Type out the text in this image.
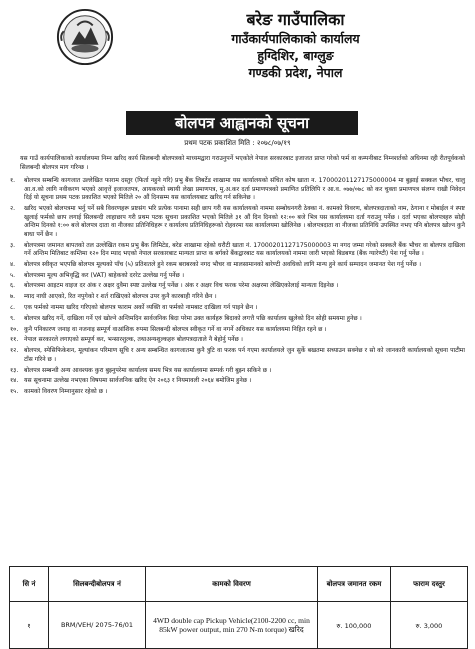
बरेङ गाउँपालिका
गाउँकार्यपालिकाको कार्यालय
हुग्दिशिर, बाग्लुङ
गण्डकी प्रदेश, नेपाल
बोलपत्र आह्वानको सूचना
प्रथम पटक प्रकाशित मिति : २०७८/०७/१९
यस गाउँ कार्यपालिकाको कार्यालयमा निम्न खरिद कार्य सिलबन्दी बोलपत्रको माध्यमद्वारा गराउनुपर्ने भएकोले नेपाल सरकारबाट इजाजत प्राप्त गरेको फर्म वा कम्पनीबाट निम्नशर्तको अधिनमा रही रीतपूर्वकको सिलबन्दी बोलपत्र माग गरिन्छ ।
१.	बोलपत्र सम्बन्धि कागजात उल्लेखित फाराम दस्तुर (फिर्ता नहुने गरि) प्रभु बैंक लिबर्टेड शाखामा यस कार्यालयको संचित कोष खाता न. 17000201127175000004 मा बुझाई सक्कल भौचर, चालु आ.व.को लागि नवीकरण भएको आवृत्तें इजाजतपत्र, आयकरको स्थायी लेखा प्रमाणपत्र, मु.अ.कर दर्ता प्रमाणपत्रको प्रमाणित प्रतिलिपि र आ.व. ०७७/०७८ को कर चुक्ता प्रमाणपत्र संलग्न राखी निवेदन दिई यो सूचना प्रथम पटक प्रकाशित भएको मितिले २० औं दिनसम्म यस कार्यालयबाट खरिद गर्न सकिनेछ ।
२.	खरिद भएको बोलपत्रमा भर्नु पर्ने सबै विवरणहरू प्रष्टसंग भरि प्रत्येक पानामा सही छाप गरी यस कार्यालयको नाममा सम्बोधनगरी ठेक्का नं. कामको विवरण, बोलपत्रदाताको नाम, ठेगाना र मोबाईल नं स्पष्ट खुलाई फर्मको छाप लगाई सिलबन्दी लाहाछाप गरी प्रथम पटक सूचना प्रकाशित भएको मितिले ३१ औं दिन दिनको १२:०० बजे भित्र यस कार्यालयमा दर्ता गराउनु पर्नेछ । दर्ता भएका बोलपत्रहरु सोही अन्तिम दिनको १:०० बजे बोलपत्र दाता वा नीजका प्रतिनिधिहरू र कार्यालय प्रतिनिधिहरूको रोहवरमा यस कार्यालयमा खोलिनेछ । बोलपत्रदाता वा नीजका प्रतिनिधि उपस्थित नभए पनि बोलपत्र खोल्न कुनै बाधा पर्ने छैन ।
३.	बोलपत्रमा जमानत बापतको तल उल्लेखित रकम प्रभु बैंक लिमिटेड, बरेङ शाखामा रहेको धरौटी खाता नं. 17000201127175000003 मा नगद जम्मा गरेको सक्कलै बैंक भौचर वा बोलपत्र दाखिला गर्ने अन्तिम मितिबाट कम्तिमा १२० दिन म्याद भएको नेपाल सरकारबाट मान्यता प्राप्त क बर्गको बैंकद्वारबाट यस कार्यालयको नाममा जारी भएको बिडबण्ड (बैंक ग्यारेण्टी) पेश गर्नु पर्नेछ ।
४.	बोलपत्र स्वीकृत भएपछि बोलपत्र मूल्यको पाँच (५) प्रतिशतले हुने रकम बराबरको नगद भौचर वा मालसामानको बारेण्टी अवधिको लागि मान्य हुने कार्य सम्पादन जमानत पेश गर्नु पर्नेछ ।
५.	बोलपत्रमा मूल्य अभिवृद्धि कर (VAT) बाहेकको दररेट उल्लेख गर्नु पर्नेछ ।
६.	बोलपत्रमा आइटम वाइज दर अंक र अक्षर दुवैमा स्पष्ट उल्लेख गर्नु पर्नेछ । अंक र अक्षर विच फरक परेमा अक्षरमा लेखिएकोलाई मान्यता दिइनेछ ।
७.	म्याद नाघी आएको, रित नपुगेको र शर्त राखिएको बोलपत्र उपर कुनै कारबाही गरिने छैन ।
८.	एक फर्मको नाममा खरिद गरिएको बोलपत्र फाराम अर्को व्यक्ति वा फर्मको नामबाट दाखिला गर्न पाइने छैन ।
९.	बोलपत्र खरिद गर्ने, दाखिला गर्ने एवं खोल्ने अन्तिमदिन सार्वजनिक बिदा परेमा उक्त कार्यहरु बिदाको लगत्तै पछि कार्यालय खुलेको दिन सोही समयमा हुनेछ ।
१०. कुनै पनिकारण जनाइ वा नजनाइ सम्पूर्ण वाआंशिक रुपमा सिलबन्दी बोलपत्र स्वीकृत गर्ने वा नगर्ने अधिकार यस कार्यालयमा निहित रहने छ ।
११. नेपाल सरकारले लगाएको सम्पूर्ण कर, भन्सारशुल्क, तथाअन्यशुल्कहरु बोलपत्रदाताले नै बेहोर्नु पर्नेछ ।
१२. बोलपत्र, स्पेसिफिकेशन, मूल्यांकन परिमाण सूचि र अन्य सम्बन्धित कागजातमा कुनै त्रुटि वा फरक पर्न गएमा कार्यालयले जुन सुर्के बखतमा सच्याउन सक्नेछ र सो को जानकारी कार्यालयको सूचना पाटीमा टाँस गरिने छ ।
१३. बोलपत्र सम्बन्धी अन्य आवश्यक कुरा बुझ्नुपरेमा कार्यालय समय भित्र यस कार्यालयमा सम्पर्क गरी बुझ्न सकिने छ ।
१४. यस सूचनामा उल्लेख नभएका विषयमा सार्वजनिक खरिद ऐन २०६३ र नियमावली २०६४ बमोजिम हुनेछ ।
१५. कामको विवरण निम्नानुसार रहेको छ ।
सि नं	सिलबन्दीबोलपत्र नं	कामको विवरण	बोलपत्र जमानत रकम	फाराम दस्तुर
१	BRM/VEH/ 2075-76/01	4WD double cap Pickup Vehicle(2100-2200 cc, min 85kW power output, min 270 N-m torque) खरिद	रु. 100,000	रु. 3,000
